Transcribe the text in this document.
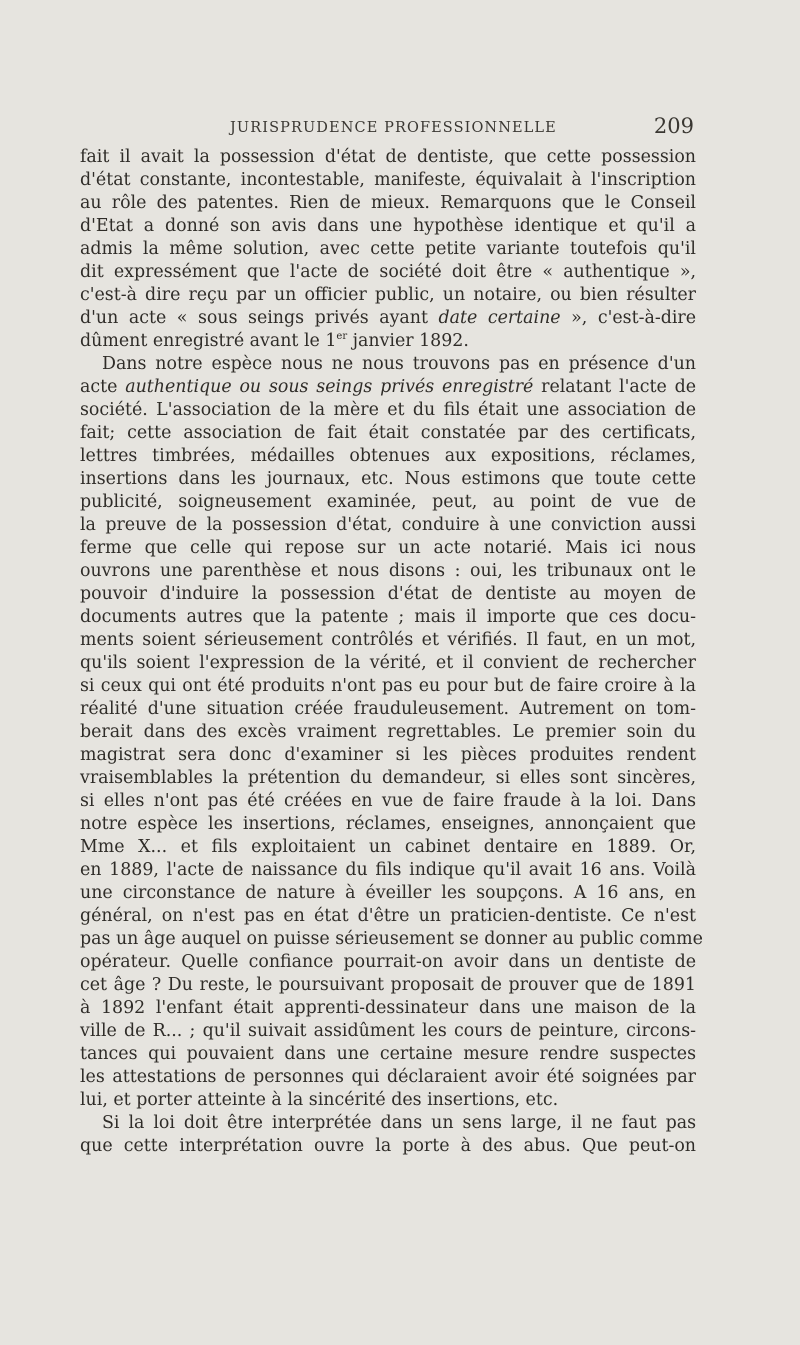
JURISPRUDENCE PROFESSIONNELLE	209
fait il avait la possession d'état de dentiste, que cette possession
d'état constante, incontestable, manifeste, équivalait à l'inscription
au rôle des patentes. Rien de mieux. Remarquons que le Conseil
d'Etat a donné son avis dans une hypothèse identique et qu'il a
admis la même solution, avec cette petite variante toutefois qu'il
dit expressément que l'acte de société doit être « authentique »,
c'est-à dire reçu par un officier public, un notaire, ou bien résulter
d'un acte « sous seings privés ayant date certaine », c'est-à-dire
dûment enregistré avant le 1er janvier 1892.
Dans notre espèce nous ne nous trouvons pas en présence d'un
acte authentique ou sous seings privés enregistré relatant l'acte de
société. L'association de la mère et du fils était une association de
fait; cette association de fait était constatée par des certificats,
lettres timbrées, médailles obtenues aux expositions, réclames,
insertions dans les journaux, etc. Nous estimons que toute cette
publicité, soigneusement examinée, peut, au point de vue de
la preuve de la possession d'état, conduire à une conviction aussi
ferme que celle qui repose sur un acte notarié. Mais ici nous
ouvrons une parenthèse et nous disons : oui, les tribunaux ont le
pouvoir d'induire la possession d'état de dentiste au moyen de
documents autres que la patente ; mais il importe que ces docu-
ments soient sérieusement contrôlés et vérifiés. Il faut, en un mot,
qu'ils soient l'expression de la vérité, et il convient de rechercher
si ceux qui ont été produits n'ont pas eu pour but de faire croire à la
réalité d'une situation créée frauduleusement. Autrement on tom-
berait dans des excès vraiment regrettables. Le premier soin du
magistrat sera donc d'examiner si les pièces produites rendent
vraisemblables la prétention du demandeur, si elles sont sincères,
si elles n'ont pas été créées en vue de faire fraude à la loi. Dans
notre espèce les insertions, réclames, enseignes, annonçaient que
Mme X... et fils exploitaient un cabinet dentaire en 1889. Or,
en 1889, l'acte de naissance du fils indique qu'il avait 16 ans. Voilà
une circonstance de nature à éveiller les soupçons. A 16 ans, en
général, on n'est pas en état d'être un praticien-dentiste. Ce n'est
pas un âge auquel on puisse sérieusement se donner au public comme
opérateur. Quelle confiance pourrait-on avoir dans un dentiste de
cet âge ? Du reste, le poursuivant proposait de prouver que de 1891
à 1892 l'enfant était apprenti-dessinateur dans une maison de la
ville de R... ; qu'il suivait assidûment les cours de peinture, circons-
tances qui pouvaient dans une certaine mesure rendre suspectes
les attestations de personnes qui déclaraient avoir été soignées par
lui, et porter atteinte à la sincérité des insertions, etc.
Si la loi doit être interprétée dans un sens large, il ne faut pas
que cette interprétation ouvre la porte à des abus. Que peut-on
